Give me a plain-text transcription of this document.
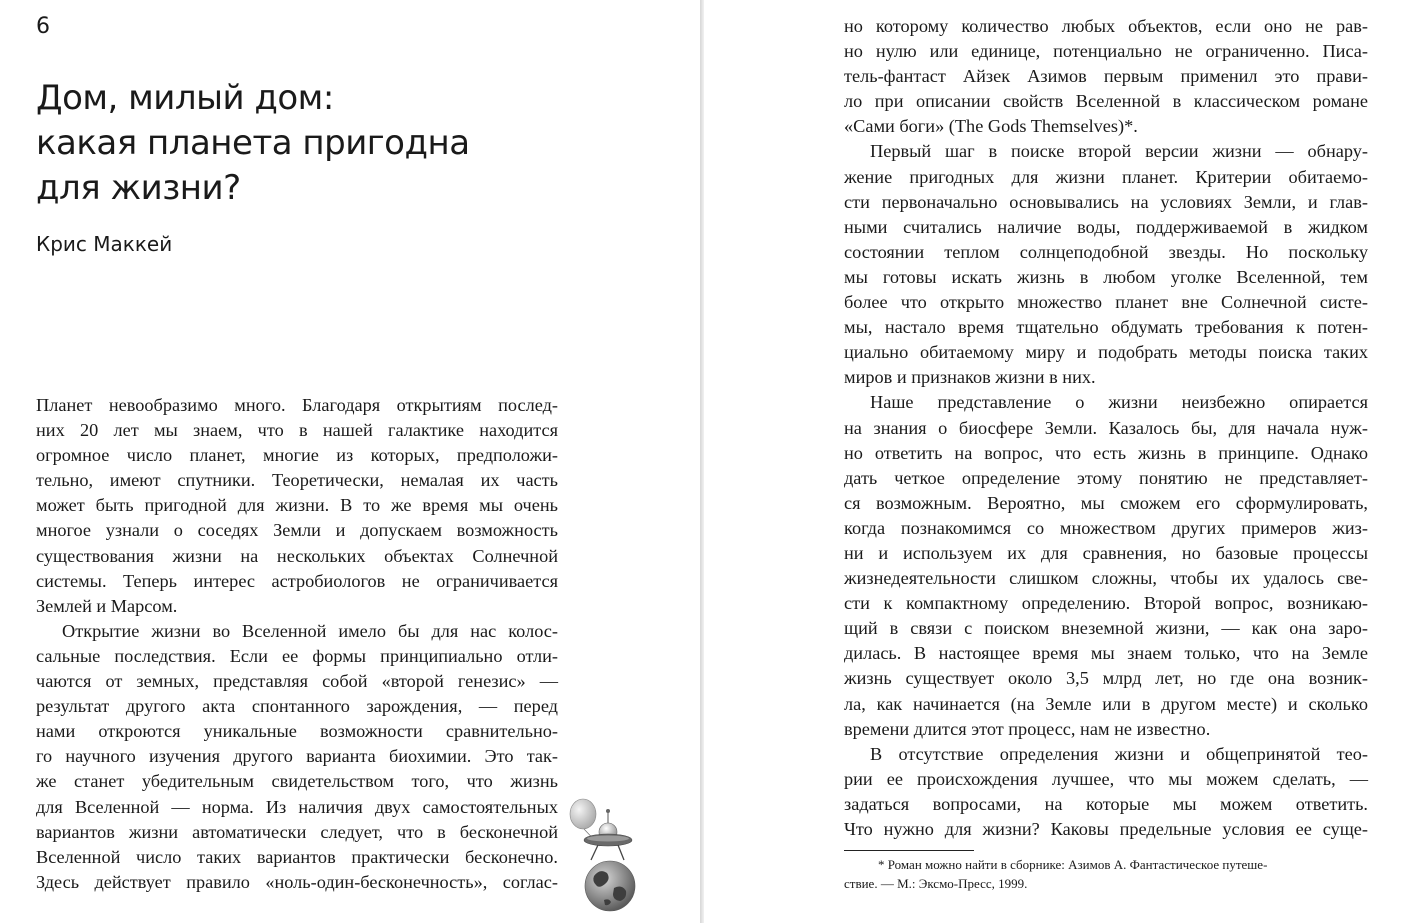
6
Дом, милый дом:
какая планета пригодна
для жизни?
Крис Маккей
Планет невообразимо много. Благодаря открытиям послед-
них 20 лет мы знаем, что в нашей галактике находится
огромное число планет, многие из которых, предположи-
тельно, имеют спутники. Теоретически, немалая их часть
может быть пригодной для жизни. В то же время мы очень
многое узнали о соседях Земли и допускаем возможность
существования жизни на нескольких объектах Солнечной
системы. Теперь интерес астробиологов не ограничивается
Землей и Марсом.
Открытие жизни во Вселенной имело бы для нас колос-
сальные последствия. Если ее формы принципиально отли-
чаются от земных, представляя собой «второй генезис» —
результат другого акта спонтанного зарождения, — перед
нами откроются уникальные возможности сравнительно-
го научного изучения другого варианта биохимии. Это так-
же станет убедительным свидетельством того, что жизнь
для Вселенной — норма. Из наличия двух самостоятельных
вариантов жизни автоматически следует, что в бесконечной
Вселенной число таких вариантов практически бесконечно.
Здесь действует правило «ноль-один-бесконечность», соглас-
но которому количество любых объектов, если оно не рав-
но нулю или единице, потенциально не ограниченно. Писа-
тель-фантаст Айзек Азимов первым применил это прави-
ло при описании свойств Вселенной в классическом романе
«Сами боги» (The Gods Themselves)*.
Первый шаг в поиске второй версии жизни — обнару-
жение пригодных для жизни планет. Критерии обитаемо-
сти первоначально основывались на условиях Земли, и глав-
ными считались наличие воды, поддерживаемой в жидком
состоянии теплом солнцеподобной звезды. Но поскольку
мы готовы искать жизнь в любом уголке Вселенной, тем
более что открыто множество планет вне Солнечной систе-
мы, настало время тщательно обдумать требования к потен-
циально обитаемому миру и подобрать методы поиска таких
миров и признаков жизни в них.
Наше представление о жизни неизбежно опирается
на знания о биосфере Земли. Казалось бы, для начала нуж-
но ответить на вопрос, что есть жизнь в принципе. Однако
дать четкое определение этому понятию не представляет-
ся возможным. Вероятно, мы сможем его сформулировать,
когда познакомимся со множеством других примеров жиз-
ни и используем их для сравнения, но базовые процессы
жизнедеятельности слишком сложны, чтобы их удалось све-
сти к компактному определению. Второй вопрос, возникаю-
щий в связи с поиском внеземной жизни, — как она заро-
дилась. В настоящее время мы знаем только, что на Земле
жизнь существует около 3,5 млрд лет, но где она возник-
ла, как начинается (на Земле или в другом месте) и сколько
времени длится этот процесс, нам не известно.
В отсутствие определения жизни и общепринятой тео-
рии ее происхождения лучшее, что мы можем сделать, —
задаться вопросами, на которые мы можем ответить.
Что нужно для жизни? Каковы предельные условия ее суще-
* Роман можно найти в сборнике: Азимов А. Фантастическое путеше-
ствие. — М.: Эксмо-Пресс, 1999.
